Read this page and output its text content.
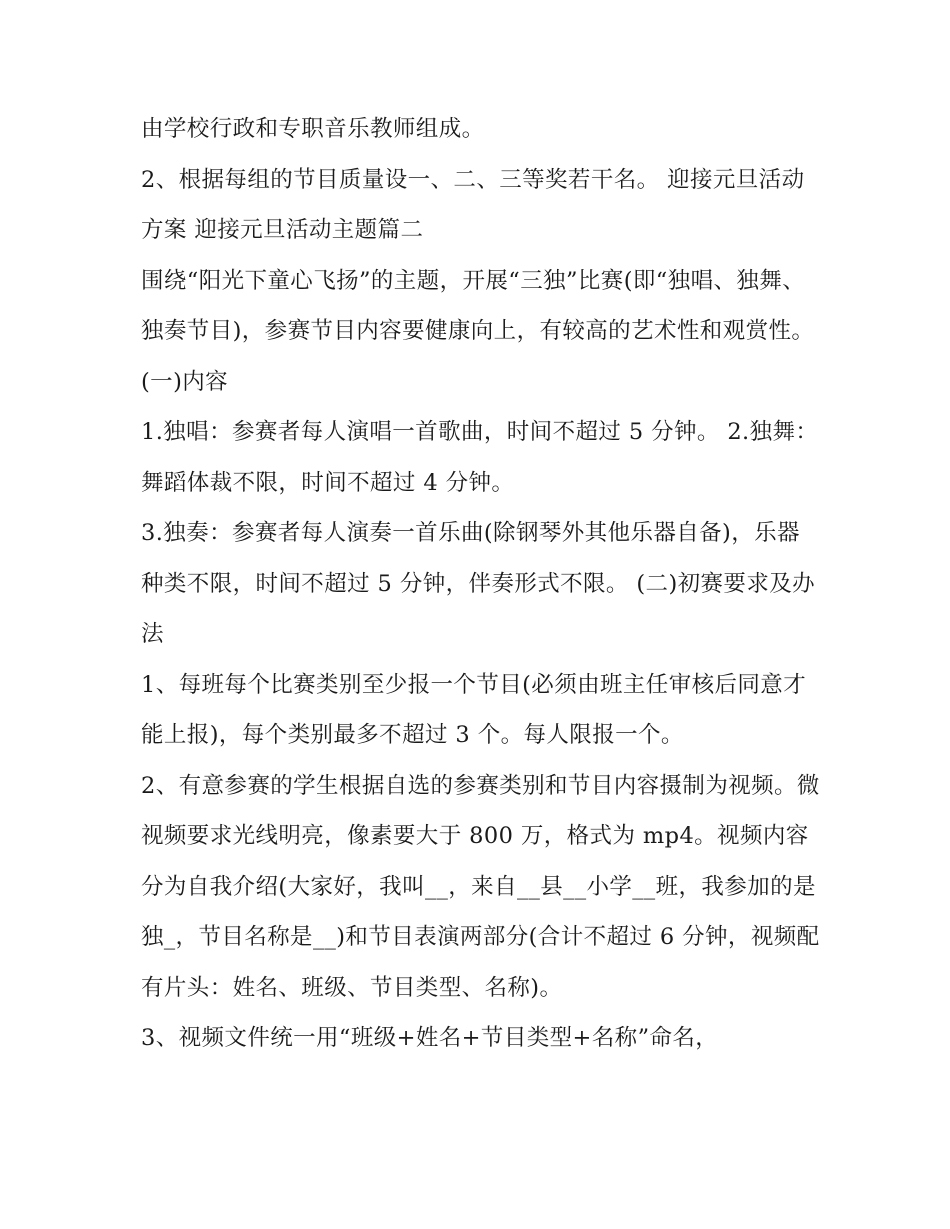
由学校行政和专职音乐教师组成。

2、根据每组的节目质量设一、二、三等奖若干名。 迎接元旦活动方案 迎接元旦活动主题篇二

围绕“阳光下童心飞扬”的主题，开展“三独”比赛(即“独唱、独舞、独奏节目)，参赛节目内容要健康向上，有较高的艺术性和观赏性。 (一)内容

1.独唱：参赛者每人演唱一首歌曲，时间不超过 5 分钟。 2.独舞：舞蹈体裁不限，时间不超过 4 分钟。

3.独奏：参赛者每人演奏一首乐曲(除钢琴外其他乐器自备)，乐器种类不限，时间不超过 5 分钟，伴奏形式不限。 (二)初赛要求及办法

1、每班每个比赛类别至少报一个节目(必须由班主任审核后同意才能上报)，每个类别最多不超过 3 个。每人限报一个。

2、有意参赛的学生根据自选的参赛类别和节目内容摄制为视频。微视频要求光线明亮，像素要大于 800 万，格式为 mp4。视频内容分为自我介绍(大家好，我叫__，来自__县__小学__班，我参加的是独_，节目名称是__)和节目表演两部分(合计不超过 6 分钟，视频配有片头：姓名、班级、节目类型、名称)。

3、视频文件统一用“班级+姓名+节目类型+名称”命名，
